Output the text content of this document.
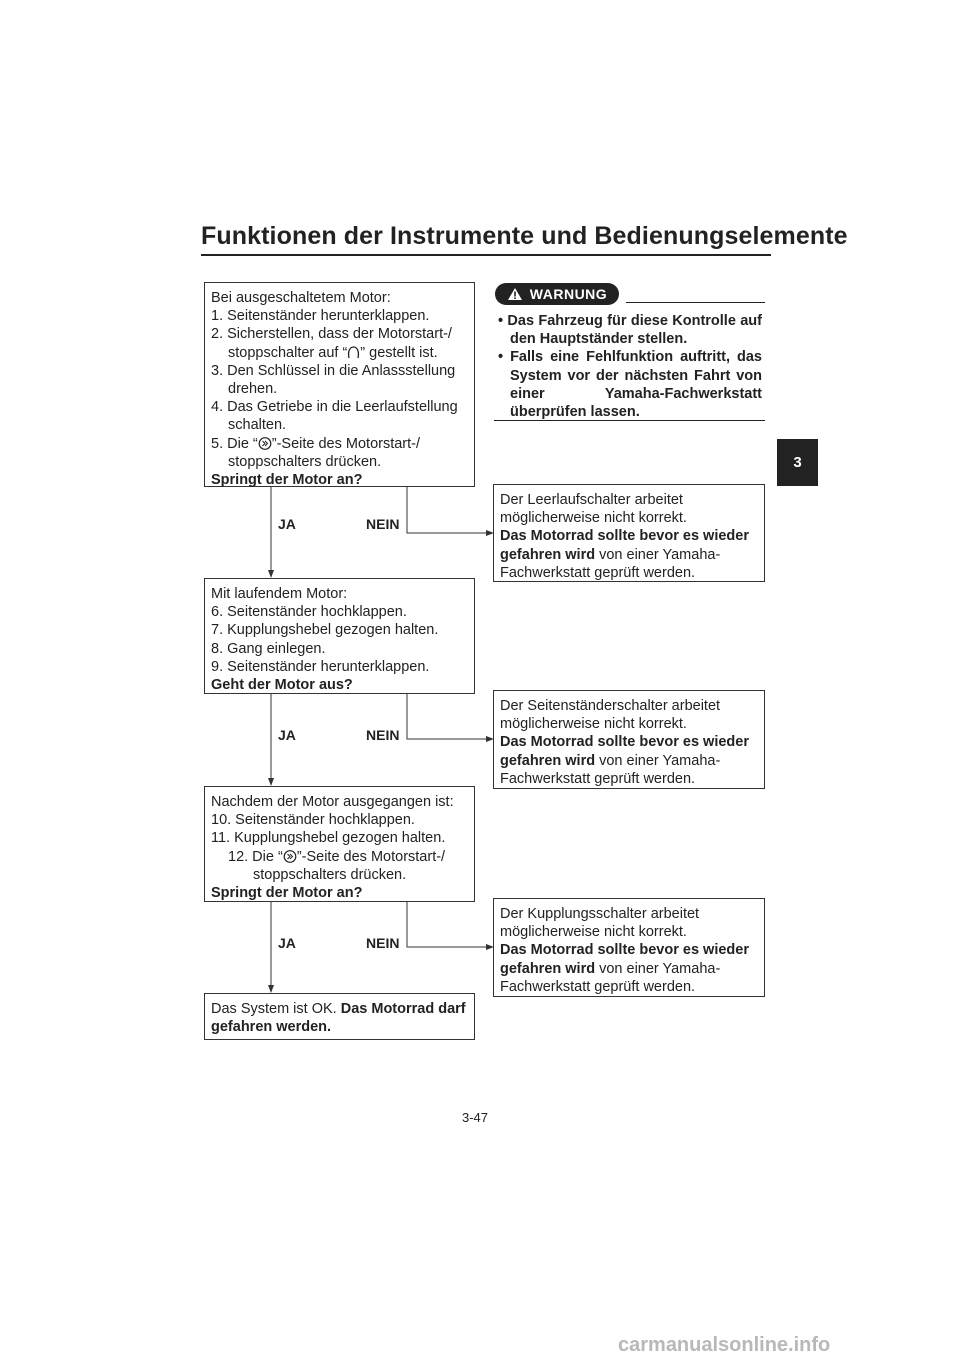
Funktionen der Instrumente und Bedienungselemente
3

Bei ausgeschaltetem Motor:

1. Seitenständer herunterklappen.

2. Sicherstellen, dass der Motorstart-/ stoppschalter auf “ ” gestellt ist.

3. Den Schlüssel in die Anlassstellung drehen.

4. Das Getriebe in die Leerlaufstellung schalten.

5. Die “ ”-Seite des Motorstart-/ stoppschalters drücken.

Springt der Motor an?

JA	NEIN

Der Leerlaufschalter arbeitet möglicherweise nicht korrekt.

Das Motorrad sollte bevor es wieder gefahren wird von einer Yamaha-Fachwerkstatt geprüft werden.

Mit laufendem Motor:

6. Seitenständer hochklappen.

7. Kupplungshebel gezogen halten.

8. Gang einlegen.

9. Seitenständer herunterklappen.

Geht der Motor aus?

JA	NEIN

Der Seitenständerschalter arbeitet möglicherweise nicht korrekt.

Das Motorrad sollte bevor es wieder gefahren wird von einer Yamaha-Fachwerkstatt geprüft werden.

Nachdem der Motor ausgegangen ist:

10. Seitenständer hochklappen.

11. Kupplungshebel gezogen halten.

12. Die “ ”-Seite des Motorstart-/ stoppschalters drücken.

Springt der Motor an?

JA	NEIN

Der Kupplungsschalter arbeitet möglicherweise nicht korrekt.

Das Motorrad sollte bevor es wieder gefahren wird von einer Yamaha-Fachwerkstatt geprüft werden.

Das System ist OK. Das Motorrad darf gefahren werden.

WARNUNG

• Das Fahrzeug für diese Kontrolle auf den Hauptständer stellen.

• Falls eine Fehlfunktion auftritt, das System vor der nächsten Fahrt von einer Yamaha-Fachwerkstatt überprüfen lassen.

3-47
carmanualsonline.info
